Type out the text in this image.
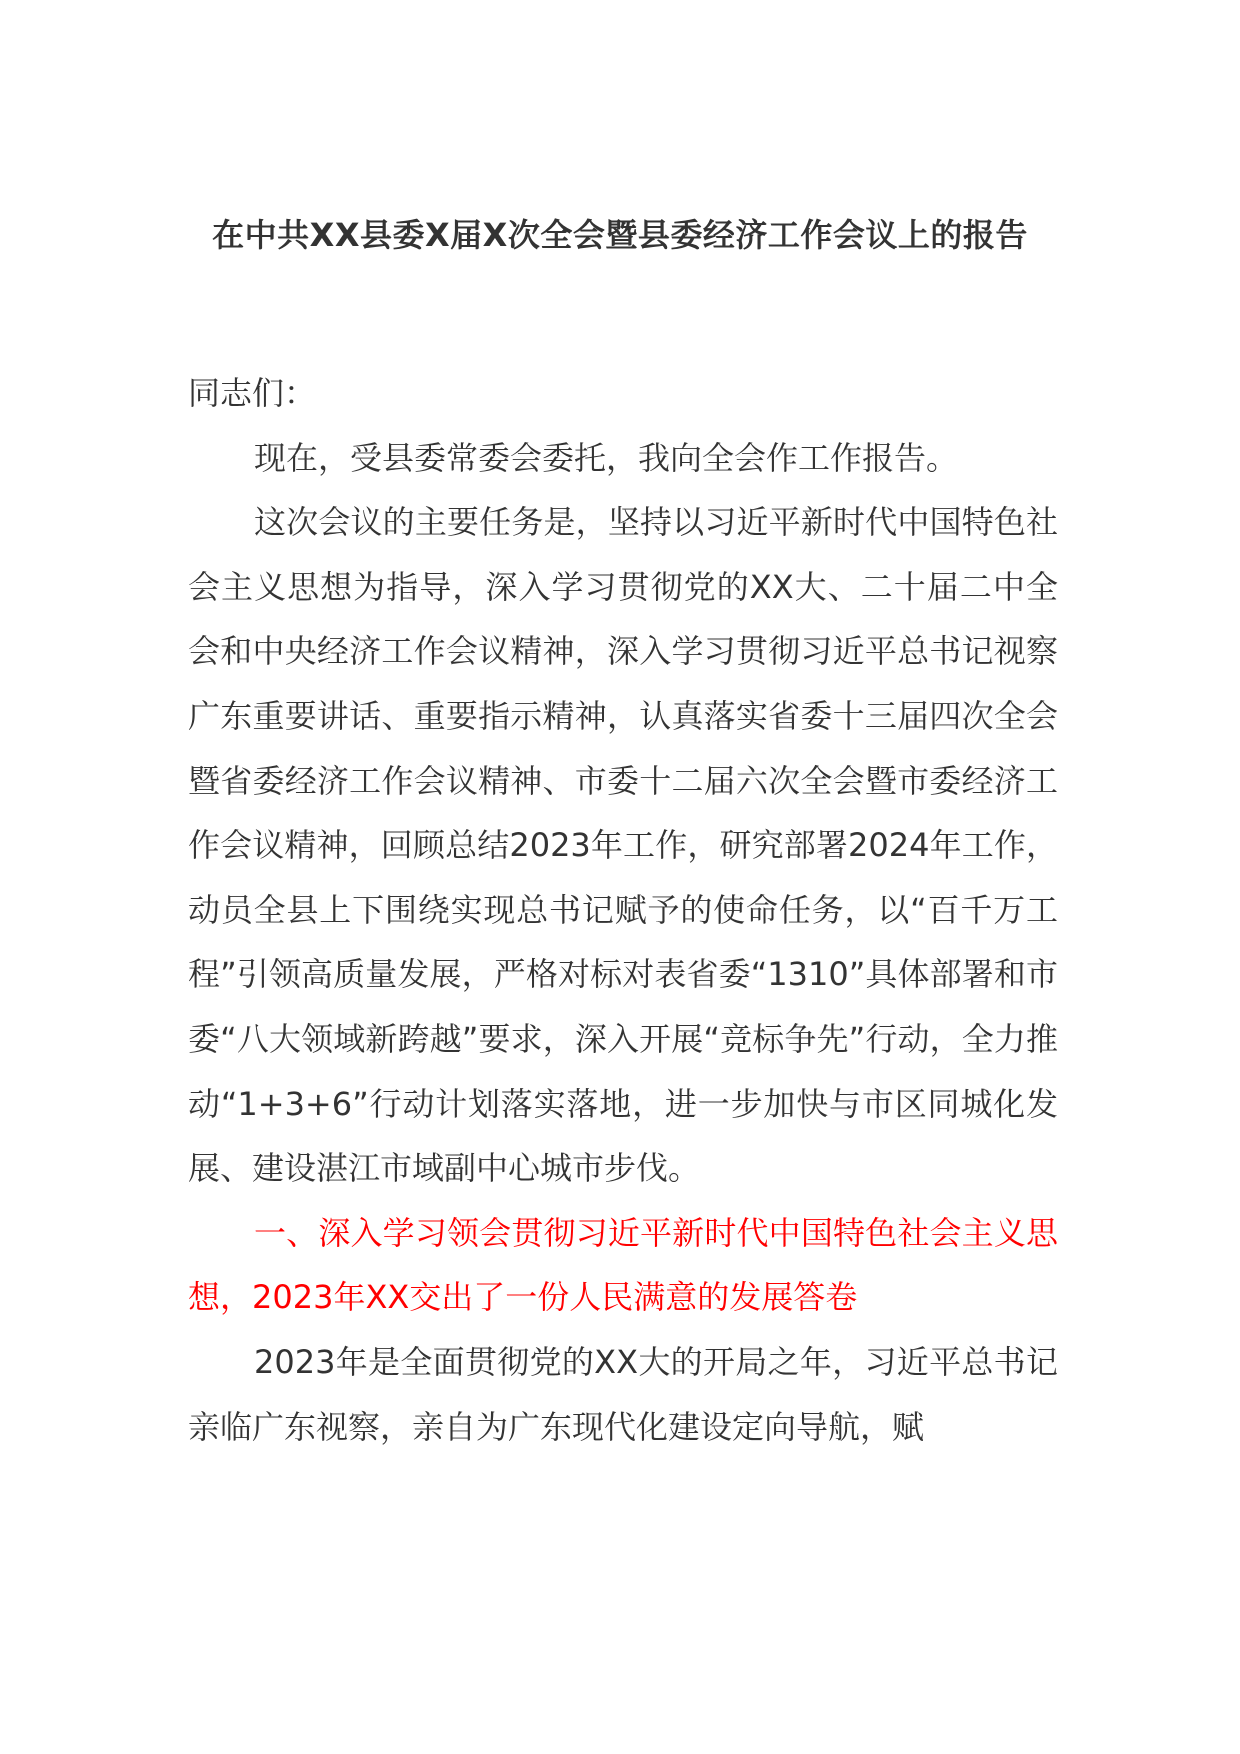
在中共XX县委X届X次全会暨县委经济工作会议上的报告

同志们：

现在，受县委常委会委托，我向全会作工作报告。

这次会议的主要任务是，坚持以习近平新时代中国特色社会主义思想为指导，深入学习贯彻党的XX大、二十届二中全会和中央经济工作会议精神，深入学习贯彻习近平总书记视察广东重要讲话、重要指示精神，认真落实省委十三届四次全会暨省委经济工作会议精神、市委十二届六次全会暨市委经济工作会议精神，回顾总结2023年工作，研究部署2024年工作，动员全县上下围绕实现总书记赋予的使命任务，以“百千万工程”引领高质量发展，严格对标对表省委“1310”具体部署和市委“八大领域新跨越”要求，深入开展“竞标争先”行动，全力推动“1+3+6”行动计划落实落地，进一步加快与市区同城化发展、建设湛江市域副中心城市步伐。

一、深入学习领会贯彻习近平新时代中国特色社会主义思想，2023年XX交出了一份人民满意的发展答卷

2023年是全面贯彻党的XX大的开局之年，习近平总书记亲临广东视察，亲自为广东现代化建设定向导航，赋
